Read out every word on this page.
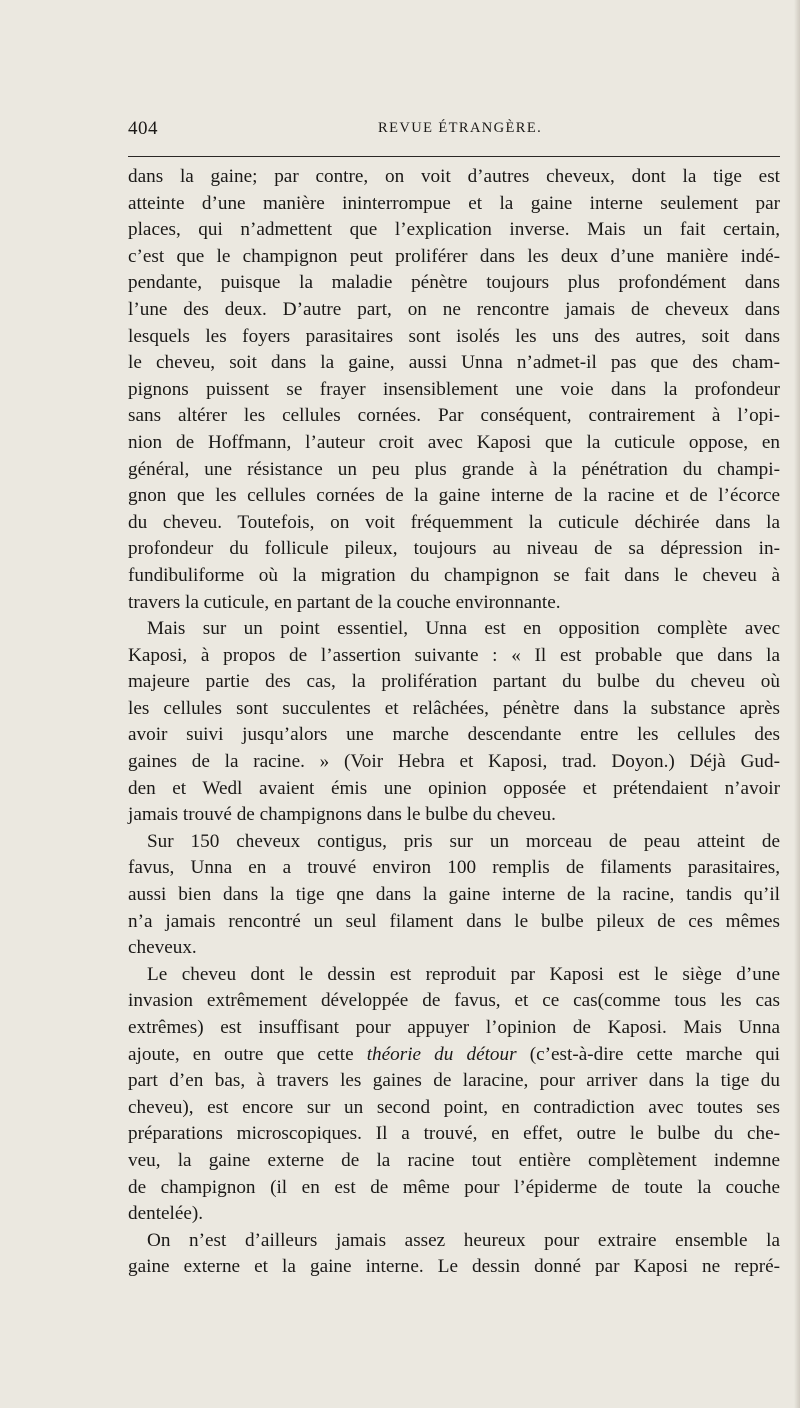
404	REVUE ÉTRANGÈRE.
dans la gaine; par contre, on voit d’autres cheveux, dont la tige est
atteinte d’une manière ininterrompue et la gaine interne seulement par
places, qui n’admettent que l’explication inverse. Mais un fait certain,
c’est que le champignon peut proliférer dans les deux d’une manière indé-
pendante, puisque la maladie pénètre toujours plus profondément dans
l’une des deux. D’autre part, on ne rencontre jamais de cheveux dans
lesquels les foyers parasitaires sont isolés les uns des autres, soit dans
le cheveu, soit dans la gaine, aussi Unna n’admet-il pas que des cham-
pignons puissent se frayer insensiblement une voie dans la profondeur
sans altérer les cellules cornées. Par conséquent, contrairement à l’opi-
nion de Hoffmann, l’auteur croit avec Kaposi que la cuticule oppose, en
général, une résistance un peu plus grande à la pénétration du champi-
gnon que les cellules cornées de la gaine interne de la racine et de l’écorce
du cheveu. Toutefois, on voit fréquemment la cuticule déchirée dans la
profondeur du follicule pileux, toujours au niveau de sa dépression in-
fundibuliforme où la migration du champignon se fait dans le cheveu à
travers la cuticule, en partant de la couche environnante.
Mais sur un point essentiel, Unna est en opposition complète avec
Kaposi, à propos de l’assertion suivante : « Il est probable que dans la
majeure partie des cas, la prolifération partant du bulbe du cheveu où
les cellules sont succulentes et relâchées, pénètre dans la substance après
avoir suivi jusqu’alors une marche descendante entre les cellules des
gaines de la racine. » (Voir Hebra et Kaposi, trad. Doyon.) Déjà Gud-
den et Wedl avaient émis une opinion opposée et prétendaient n’avoir
jamais trouvé de champignons dans le bulbe du cheveu.
Sur 150 cheveux contigus, pris sur un morceau de peau atteint de
favus, Unna en a trouvé environ 100 remplis de filaments parasitaires,
aussi bien dans la tige qne dans la gaine interne de la racine, tandis qu’il
n’a jamais rencontré un seul filament dans le bulbe pileux de ces mêmes
cheveux.
Le cheveu dont le dessin est reproduit par Kaposi est le siège d’une
invasion extrêmement développée de favus, et ce cas(comme tous les cas
extrêmes) est insuffisant pour appuyer l’opinion de Kaposi. Mais Unna
ajoute, en outre que cette théorie du détour (c’est-à-dire cette marche qui
part d’en bas, à travers les gaines de laracine, pour arriver dans la tige du
cheveu), est encore sur un second point, en contradiction avec toutes ses
préparations microscopiques. Il a trouvé, en effet, outre le bulbe du che-
veu, la gaine externe de la racine tout entière complètement indemne
de champignon (il en est de même pour l’épiderme de toute la couche
dentelée).
On n’est d’ailleurs jamais assez heureux pour extraire ensemble la
gaine externe et la gaine interne. Le dessin donné par Kaposi ne repré-
